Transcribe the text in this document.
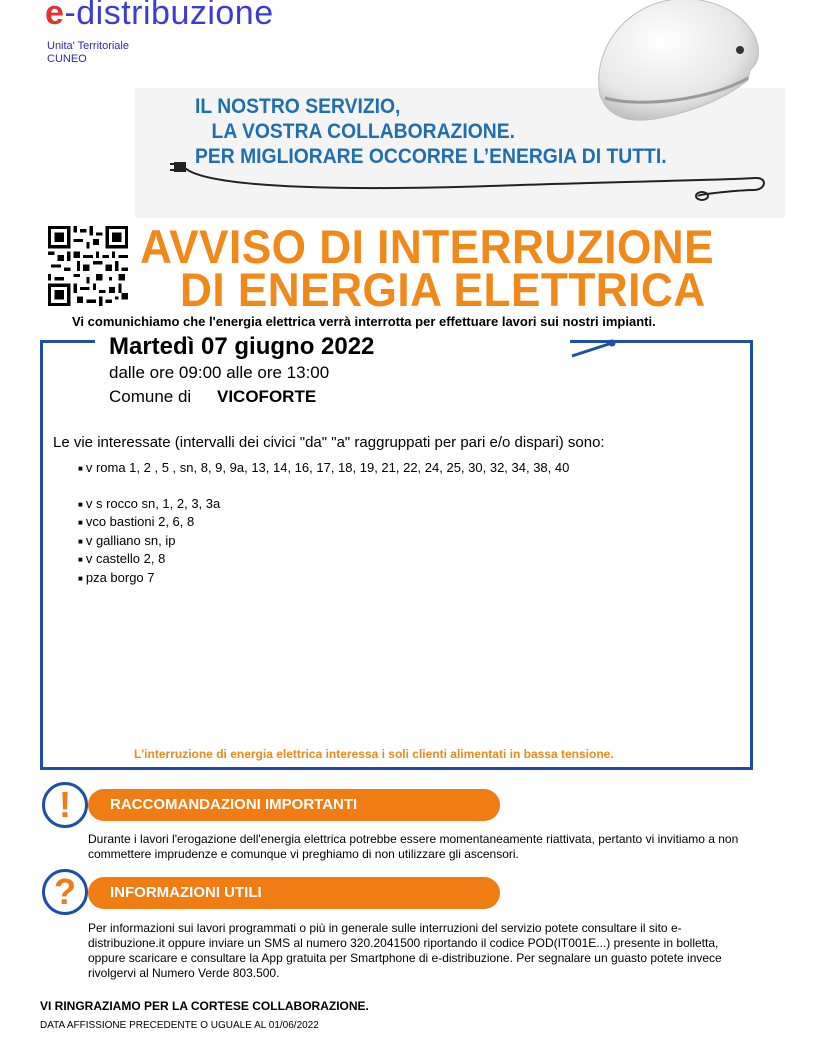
e-distribuzione
Unita' Territoriale
CUNEO
IL NOSTRO SERVIZIO,
LA VOSTRA COLLABORAZIONE.
PER MIGLIORARE OCCORRE L’ENERGIA DI TUTTI.
AVVISO DI INTERRUZIONE
DI ENERGIA ELETTRICA
Vi comunichiamo che l'energia elettrica verrà interrotta per effettuare lavori sui nostri impianti.
Martedì 07 giugno 2022
dalle ore 09:00 alle ore 13:00
Comune di VICOFORTE
Le vie interessate (intervalli dei civici "da" "a" raggruppati per pari e/o dispari) sono:
■ v roma 1, 2 , 5 , sn, 8, 9, 9a, 13, 14, 16, 17, 18, 19, 21, 22, 24, 25, 30, 32, 34, 38, 40
■ v s rocco sn, 1, 2, 3, 3a
■ vco bastioni 2, 6, 8
■ v galliano sn, ip
■ v castello 2, 8
■ pza borgo 7
L'interruzione di energia elettrica interessa i soli clienti alimentati in bassa tensione.
RACCOMANDAZIONI IMPORTANTI
!
Durante i lavori l'erogazione dell'energia elettrica potrebbe essere momentaneamente riattivata, pertanto vi invitiamo a non commettere imprudenze e comunque vi preghiamo di non utilizzare gli ascensori.
INFORMAZIONI UTILI
?
Per informazioni sui lavori programmati o più in generale sulle interruzioni del servizio potete consultare il sito e-distribuzione.it oppure inviare un SMS al numero 320.2041500 riportando il codice POD(IT001E...) presente in bolletta, oppure scaricare e consultare la App gratuita per Smartphone di e-distribuzione. Per segnalare un guasto potete invece rivolgervi al Numero Verde 803.500.
VI RINGRAZIAMO PER LA CORTESE COLLABORAZIONE.
DATA AFFISSIONE PRECEDENTE O UGUALE AL 01/06/2022
